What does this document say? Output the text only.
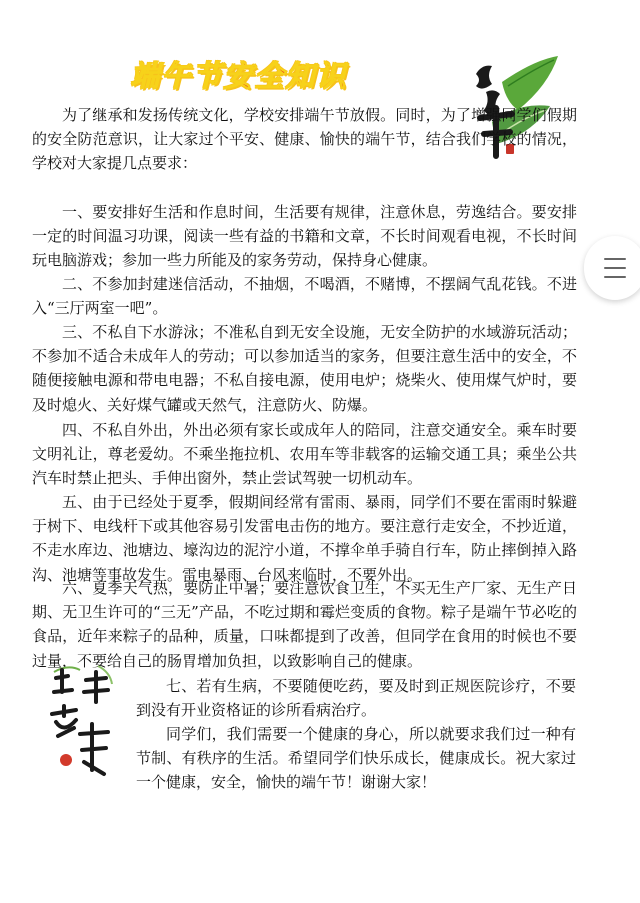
端午节安全知识

为了继承和发扬传统文化，学校安排端午节放假。同时，为了增强同学们假期的安全防范意识，让大家过个平安、健康、愉快的端午节，结合我们学校的情况，学校对大家提几点要求：

一、要安排好生活和作息时间，生活要有规律，注意休息，劳逸结合。要安排一定的时间温习功课，阅读一些有益的书籍和文章，不长时间观看电视，不长时间玩电脑游戏；参加一些力所能及的家务劳动，保持身心健康。

二、不参加封建迷信活动，不抽烟，不喝酒，不赌博，不摆阔气乱花钱。不进入“三厅两室一吧”。

三、不私自下水游泳；不准私自到无安全设施，无安全防护的水域游玩活动；不参加不适合未成年人的劳动；可以参加适当的家务，但要注意生活中的安全，不随便接触电源和带电电器；不私自接电源，使用电炉；烧柴火、使用煤气炉时，要及时熄火、关好煤气罐或天然气，注意防火、防爆。

四、不私自外出，外出必须有家长或成年人的陪同，注意交通安全。乘车时要文明礼让，尊老爱幼。不乘坐拖拉机、农用车等非载客的运输交通工具；乘坐公共汽车时禁止把头、手伸出窗外，禁止尝试驾驶一切机动车。

五、由于已经处于夏季，假期间经常有雷雨、暴雨，同学们不要在雷雨时躲避于树下、电线杆下或其他容易引发雷电击伤的地方。要注意行走安全，不抄近道，不走水库边、池塘边、壕沟边的泥泞小道，不撑伞单手骑自行车，防止摔倒掉入路沟、池塘等事故发生。雷电暴雨、台风来临时，不要外出。

六、夏季天气热，要防止中暑；要注意饮食卫生，不买无生产厂家、无生产日期、无卫生许可的“三无”产品，不吃过期和霉烂变质的食物。粽子是端午节必吃的食品，近年来粽子的品种，质量，口味都提到了改善，但同学在食用的时候也不要过量，不要给自己的肠胃增加负担，以致影响自己的健康。

七、若有生病，不要随便吃药，要及时到正规医院诊疗，不要到没有开业资格证的诊所看病治疗。

同学们，我们需要一个健康的身心，所以就要求我们过一种有节制、有秩序的生活。希望同学们快乐成长，健康成长。祝大家过一个健康，安全，愉快的端午节！谢谢大家！
